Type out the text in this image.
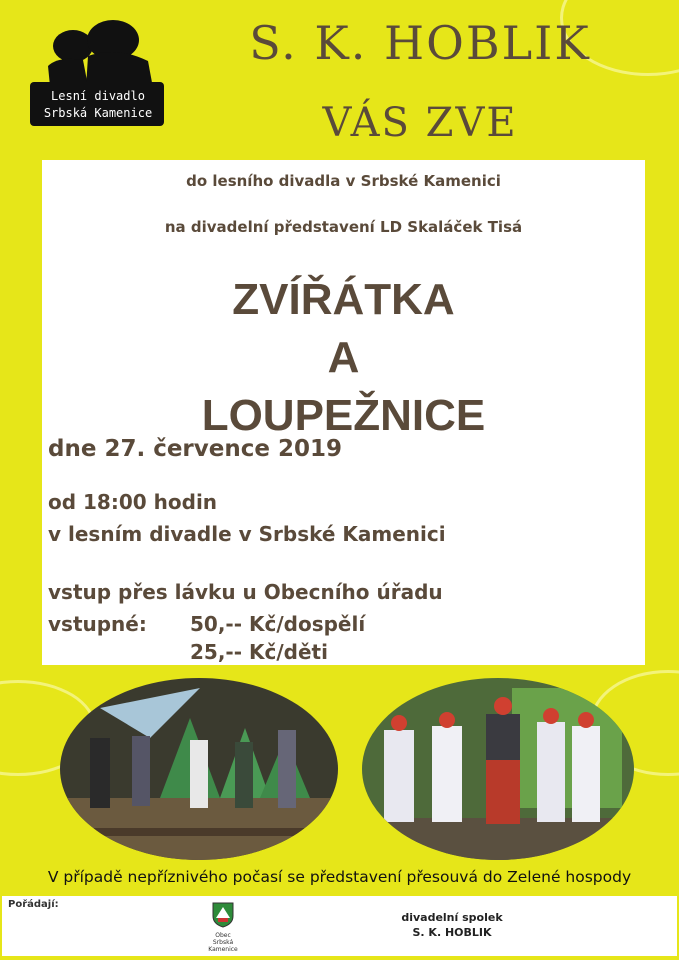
Lesní divadlo
Srbská Kamenice
S. K. HOBLIK
VÁS ZVE
do lesního divadla v Srbské Kamenici
na divadelní představení LD Skaláček Tisá
ZVÍŘÁTKA
A
LOUPEŽNICE
dne 27. července 2019
od 18:00 hodin
v lesním divadle v Srbské Kamenici
vstup přes lávku u Obecního úřadu
vstupné: 50,-- Kč/dospělí
25,-- Kč/děti
V případě nepříznivého počasí se představení přesouvá do Zelené hospody
Pořádají:
Obec
Srbská Kamenice
divadelní spolek
S. K. HOBLIK
